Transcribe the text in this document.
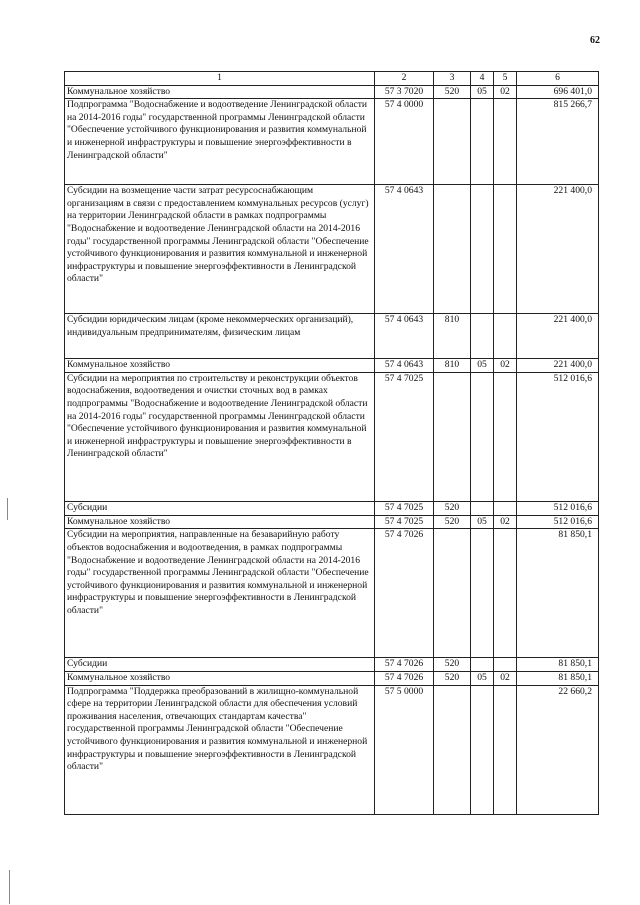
62
1	2	3	4	5	6
Коммунальное хозяйство	57 3 7020	520	05	02	696 401,0
Подпрограмма "Водоснабжение и водоотведение Ленинградской области на 2014-2016 годы" государственной программы Ленинградской области "Обеспечение устойчивого функционирования и развития коммунальной и инженерной инфраструктуры и повышение энергоэффективности в Ленинградской области"	57 4 0000				815 266,7
Субсидии на возмещение части затрат ресурсоснабжающим организациям в связи с предоставлением коммунальных ресурсов (услуг) на территории Ленинградской области в рамках подпрограммы "Водоснабжение и водоотведение Ленинградской области на 2014-2016 годы" государственной программы Ленинградской области "Обеспечение устойчивого функционирования и развития коммунальной и инженерной инфраструктуры и повышение энергоэффективности в Ленинградской области"	57 4 0643				221 400,0
Субсидии юридическим лицам (кроме некоммерческих организаций), индивидуальным предпринимателям, физическим лицам	57 4 0643	810			221 400,0
Коммунальное хозяйство	57 4 0643	810	05	02	221 400,0
Субсидии на мероприятия по строительству и реконструкции объектов водоснабжения, водоотведения и очистки сточных вод в рамках подпрограммы "Водоснабжение и водоотведение Ленинградской области на 2014-2016 годы" государственной программы Ленинградской области "Обеспечение устойчивого функционирования и развития коммунальной и инженерной инфраструктуры и повышение энергоэффективности в Ленинградской области"	57 4 7025				512 016,6
Субсидии	57 4 7025	520			512 016,6
Коммунальное хозяйство	57 4 7025	520	05	02	512 016,6
Субсидии на мероприятия, направленные на безаварийную работу объектов водоснабжения и водоотведения, в рамках подпрограммы "Водоснабжение и водоотведение Ленинградской области на 2014-2016 годы" государственной программы Ленинградской области "Обеспечение устойчивого функционирования и развития коммунальной и инженерной инфраструктуры и повышение энергоэффективности в Ленинградской области"	57 4 7026				81 850,1
Субсидии	57 4 7026	520			81 850,1
Коммунальное хозяйство	57 4 7026	520	05	02	81 850,1
Подпрограмма "Поддержка преобразований в жилищно-коммунальной сфере на территории Ленинградской области для обеспечения условий проживания населения, отвечающих стандартам качества" государственной программы Ленинградской области "Обеспечение устойчивого функционирования и развития коммунальной и инженерной инфраструктуры и повышение энергоэффективности в Ленинградской области"	57 5 0000				22 660,2
